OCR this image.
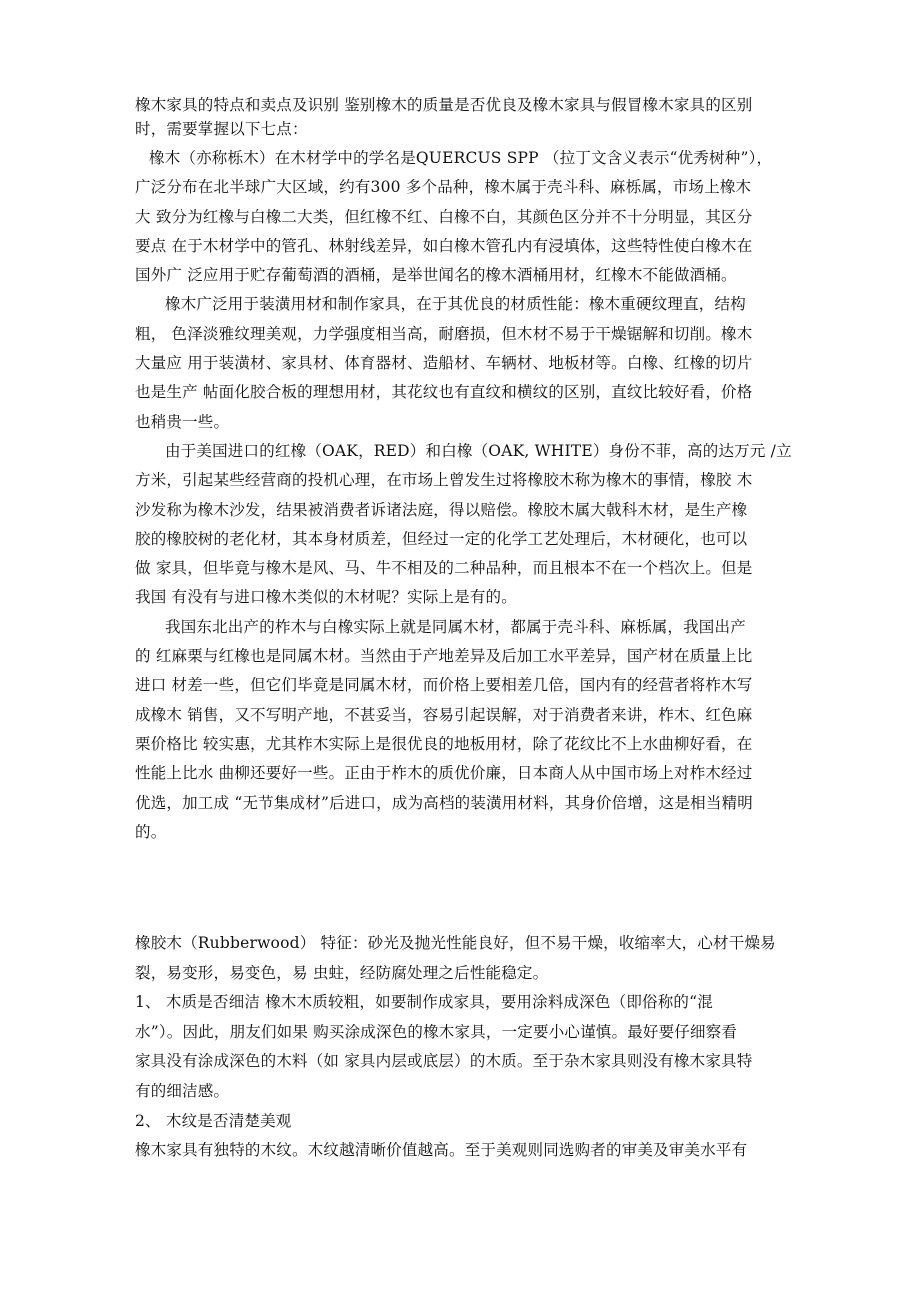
橡木家具的特点和卖点及识别 鉴别橡木的质量是否优良及橡木家具与假冒橡木家具的区别

时，需要掌握以下七点：

橡木（亦称栎木）在木材学中的学名是QUERCUS SPP （拉丁文含义表示“优秀树种”），

广泛分布在北半球广大区域，约有300 多个品种，橡木属于壳斗科、麻栎属，市场上橡木

大 致分为红橡与白橡二大类，但红橡不红、白橡不白，其颜色区分并不十分明显，其区分

要点 在于木材学中的管孔、林射线差异，如白橡木管孔内有浸填体，这些特性使白橡木在

国外广 泛应用于贮存葡萄酒的酒桶，是举世闻名的橡木酒桶用材，﻿红橡木不能做酒桶。

橡木广泛用于装潢用材和制作家具，在于其优良的材质性能：橡木重硬纹理直，结构

粗， 色泽淡雅纹理美观，力学强度相当高，耐磨损，但木材不易于干燥锯解和切削。橡木

大量应 用于装潢材、家具材、体育器材、造船材、车辆材、地板材等。白橡、红橡的切片

也是生产 帖面化胶合板的理想用材，其花纹也有直纹和横纹的区别，直纹比较好看，价格

也稍贵一些。

由于美国进口的红橡（OAK，RED）和白橡（OAK, WHITE）身份不菲，高的达万元 /立

方米，引起某些经营商的投机心理，在市场上曾发生过将橡胶木称为橡木的事情，橡胶 木

沙发称为橡木沙发，结果被消费者诉诸法庭，得以赔偿。橡胶木属大戟科木材，是生产橡

胶的橡胶树的老化材，其本身材质差，但经过一定的化学工艺处理后，木材硬化，也可以

做 家具，但毕竟与橡木是风、马、牛不相及的二种品种，而且根本不在一个档次上。但是

我国 有没有与进口橡木类似的木材呢？实际上是有的。

我国东北出产的柞木与白橡实际上就是同属木材，都属于壳斗科、麻栎属，我国出产

的 红麻栗与红橡也是同属木材。当然由于产地差异及后加工水平差异，国产材在质量上比

进口 材差一些，但它们毕竟是同属木材，而价格上要相差几倍，国内有的经营者将柞木写

成橡木 销售，又不写明产地，不甚妥当，容易引起误解，对于消费者来讲，柞木、红色麻

栗价格比 较实惠，尤其柞木实际上是很优良的地板用材，除了花纹比不上水曲柳好看，在

性能上比水 曲柳还要好一些。正由于柞木的质优价廉，日本商人从中国市场上对柞木经过

优选，加工成 “无节集成材”后进口，成为高档的装潢用材料，其身价倍增，这是相当精明

的。

橡胶木（Rubberwood） 特征：砂光及抛光性能良好，但不易干燥，收缩率大，心材干燥易

裂，易变形，易变色，易 虫蛀，经防腐处理之后性能稳定。

1、 木质是否细洁 橡木木质较粗，如要制作成家具，要用涂料成深色（即俗称的“混

水”）。因此，朋友们如果 购买涂成深色的橡木家具，一定要小心谨慎。最好要仔细察看

家具没有涂成深色的木料（如 家具内层或底层）的木质。至于杂木家具则没有橡木家具特

有的细洁感。

2、 木纹是否清楚美观

橡木家具有独特的木纹。木纹越清晰价值越高。至于美观则同选购者的审美及审美水平有
